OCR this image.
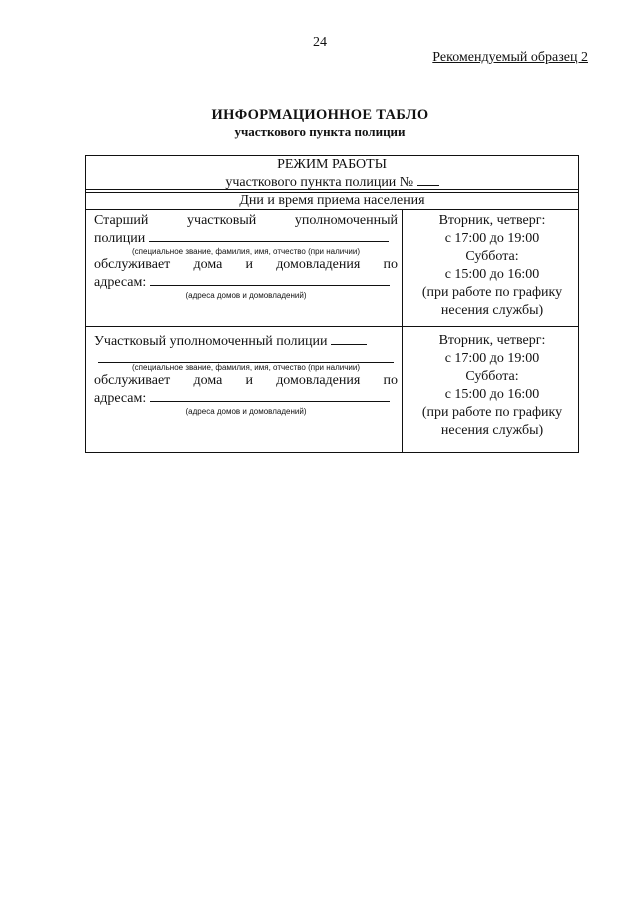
24
Рекомендуемый образец 2
ИНФОРМАЦИОННОЕ ТАБЛО
участкового пункта полиции
РЕЖИМ РАБОТЫ
участкового пункта полиции №
Дни и время приема населения
Старший	участковый	уполномоченный
полиции
(специальное звание, фамилия, имя, отчество (при наличии)
обслуживает дома и домовладения по
адресам:
(адреса домов и домовладений)
Вторник, четверг:
с 17:00 до 19:00
Суббота:
с 15:00 до 16:00
(при работе по графику
несения службы)
Участковый уполномоченный полиции
(специальное звание, фамилия, имя, отчество (при наличии)
обслуживает дома и домовладения по
адресам:
(адреса домов и домовладений)
Вторник, четверг:
с 17:00 до 19:00
Суббота:
с 15:00 до 16:00
(при работе по графику
несения службы)
